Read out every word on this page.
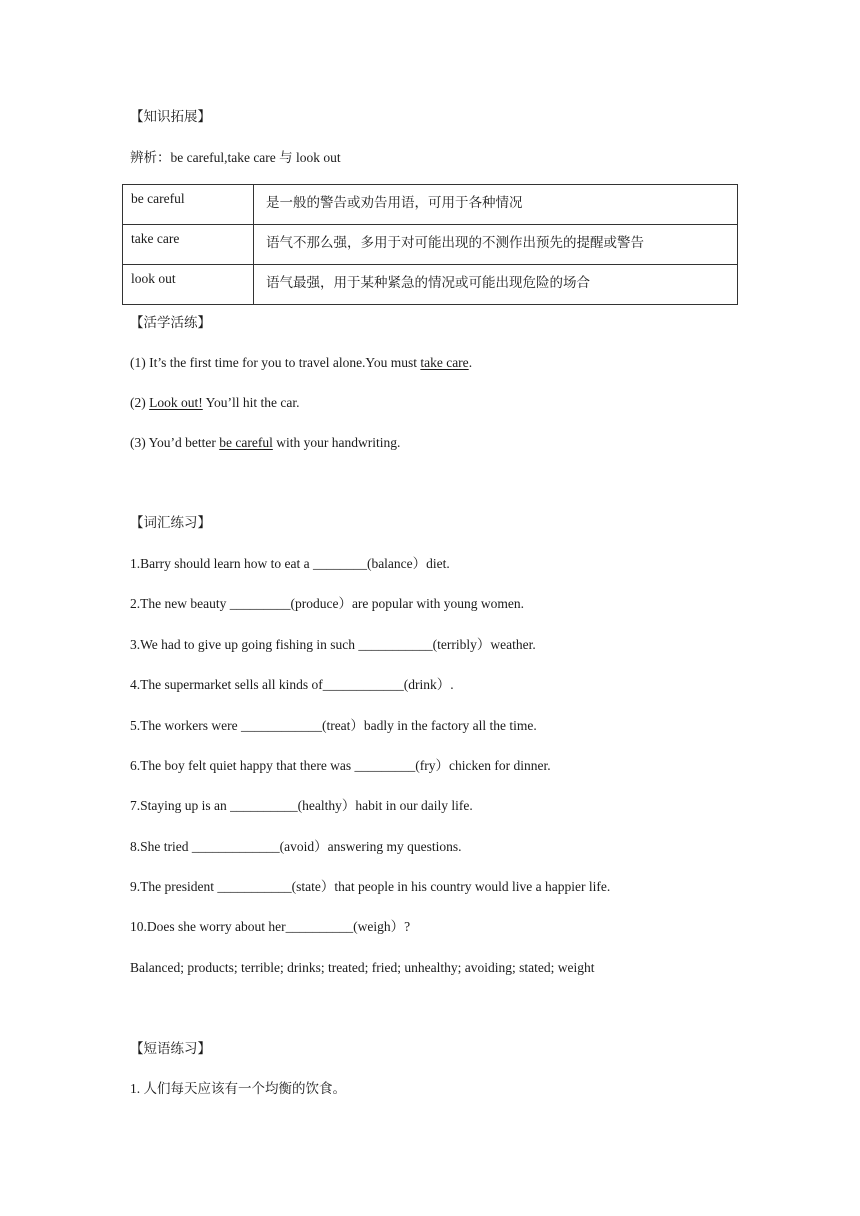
【知识拓展】
辨析：be careful,take care 与 look out
be careful	是一般的警告或劝告用语，可用于各种情况
take care	语气不那么强，多用于对可能出现的不测作出预先的提醒或警告
look out	语气最强，用于某种紧急的情况或可能出现危险的场合
【活学活练】
(1) It’s the first time for you to travel alone.You must take care.
(2) Look out! You’ll hit the car.
(3) You’d better be careful with your handwriting.
【词汇练习】
1.Barry should learn how to eat a ________(balance）diet.
2.The new beauty _________(produce）are popular with young women.
3.We had to give up going fishing in such ___________(terribly）weather.
4.The supermarket sells all kinds of____________(drink）.
5.The workers were ____________(treat）badly in the factory all the time.
6.The boy felt quiet happy that there was _________(fry）chicken for dinner.
7.Staying up is an __________(healthy）habit in our daily life.
8.She tried _____________(avoid）answering my questions.
9.The president ___________(state）that people in his country would live a happier life.
10.Does she worry about her__________(weigh）?
Balanced; products; terrible; drinks; treated; fried; unhealthy; avoiding; stated; weight
【短语练习】
1. 人们每天应该有一个均衡的饮食。
